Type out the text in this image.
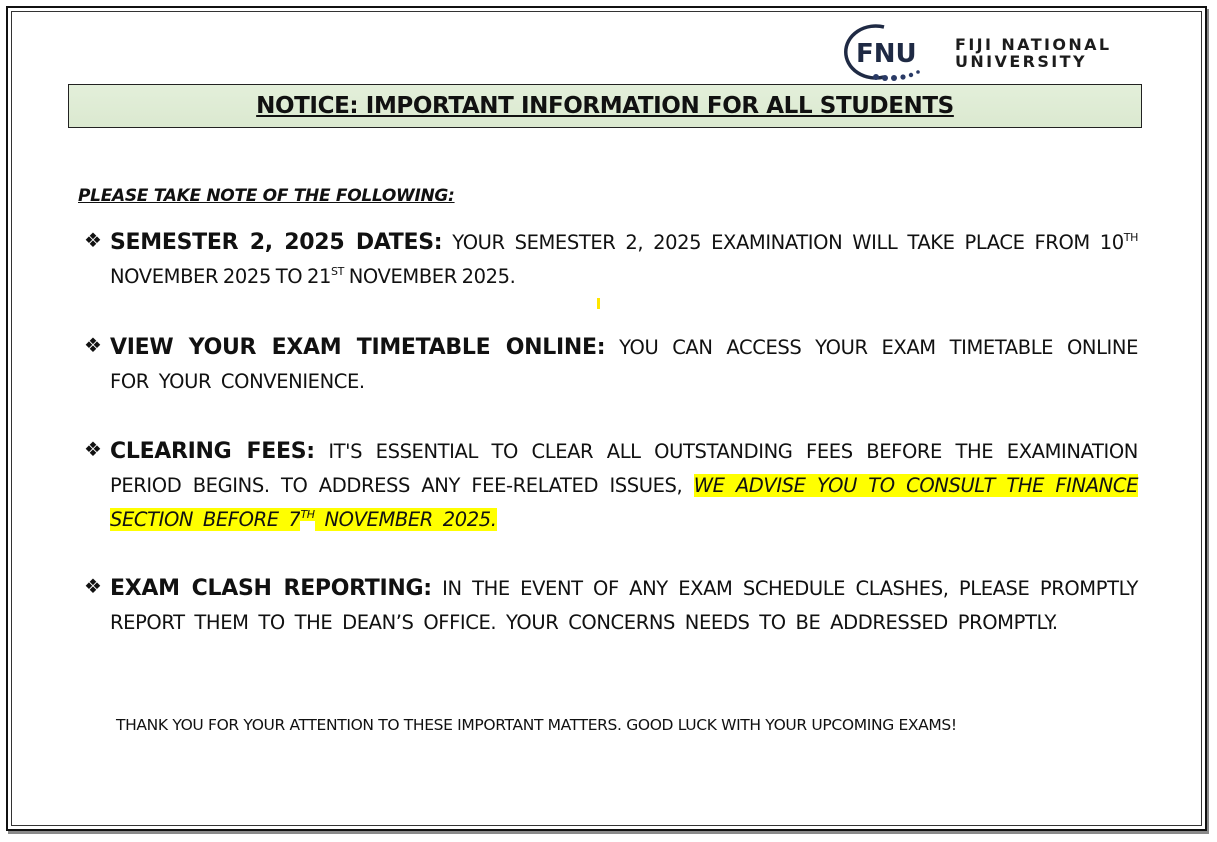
FNU FIJI NATIONAL
UNIVERSITY
NOTICE: IMPORTANT INFORMATION FOR ALL STUDENTS
PLEASE TAKE NOTE OF THE FOLLOWING:
❖ SEMESTER 2, 2025 DATES: YOUR SEMESTER 2, 2025 EXAMINATION WILL TAKE PLACE FROM 10TH NOVEMBER 2025 TO 21ST NOVEMBER 2025.
❖ VIEW YOUR EXAM TIMETABLE ONLINE: YOU CAN ACCESS YOUR EXAM TIMETABLE ONLINE FOR YOUR CONVENIENCE.
❖ CLEARING FEES: IT'S ESSENTIAL TO CLEAR ALL OUTSTANDING FEES BEFORE THE EXAMINATION PERIOD BEGINS. TO ADDRESS ANY FEE-RELATED ISSUES, WE ADVISE YOU TO CONSULT THE FINANCE SECTION BEFORE 7TH NOVEMBER 2025.
❖ EXAM CLASH REPORTING: IN THE EVENT OF ANY EXAM SCHEDULE CLASHES, PLEASE PROMPTLY REPORT THEM TO THE DEAN’S OFFICE. YOUR CONCERNS NEEDS TO BE ADDRESSED PROMPTLY.
THANK YOU FOR YOUR ATTENTION TO THESE IMPORTANT MATTERS. GOOD LUCK WITH YOUR UPCOMING EXAMS!
